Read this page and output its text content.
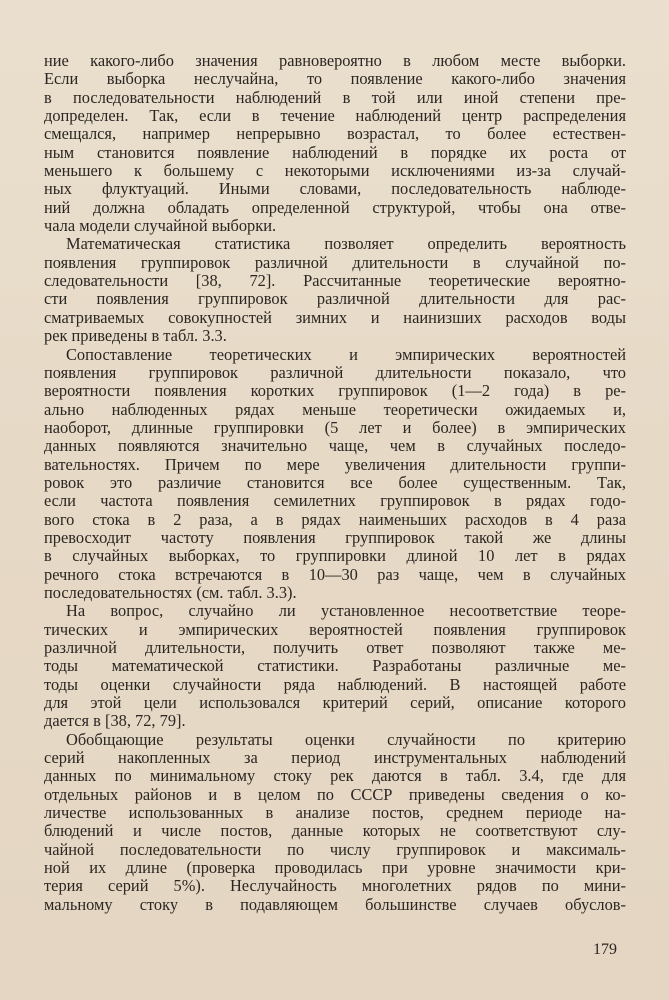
ние какого-либо значения равновероятно в любом месте выборки.
Если выборка неслучайна, то появление какого-либо значения
в последовательности наблюдений в той или иной степени пре-
допределен. Так, если в течение наблюдений центр распределения
смещался, например непрерывно возрастал, то более естествен-
ным становится появление наблюдений в порядке их роста от
меньшего к большему с некоторыми исключениями из-за случай-
ных флуктуаций. Иными словами, последовательность наблюде-
ний должна обладать определенной структурой, чтобы она отве-
чала модели случайной выборки.
Математическая статистика позволяет определить вероятность
появления группировок различной длительности в случайной по-
следовательности [38, 72]. Рассчитанные теоретические вероятно-
сти появления группировок различной длительности для рас-
сматриваемых совокупностей зимних и наинизших расходов воды
рек приведены в табл. 3.3.
Сопоставление теоретических и эмпирических вероятностей
появления группировок различной длительности показало, что
вероятности появления коротких группировок (1—2 года) в ре-
ально наблюденных рядах меньше теоретически ожидаемых и,
наоборот, длинные группировки (5 лет и более) в эмпирических
данных появляются значительно чаще, чем в случайных последо-
вательностях. Причем по мере увеличения длительности группи-
ровок это различие становится все более существенным. Так,
если частота появления семилетних группировок в рядах годо-
вого стока в 2 раза, а в рядах наименьших расходов в 4 раза
превосходит частоту появления группировок такой же длины
в случайных выборках, то группировки длиной 10 лет в рядах
речного стока встречаются в 10—30 раз чаще, чем в случайных
последовательностях (см. табл. 3.3).
На вопрос, случайно ли установленное несоответствие теоре-
тических и эмпирических вероятностей появления группировок
различной длительности, получить ответ позволяют также ме-
тоды математической статистики. Разработаны различные ме-
тоды оценки случайности ряда наблюдений. В настоящей работе
для этой цели использовался критерий серий, описание которого
дается в [38, 72, 79].
Обобщающие результаты оценки случайности по критерию
серий накопленных за период инструментальных наблюдений
данных по минимальному стоку рек даются в табл. 3.4, где для
отдельных районов и в целом по СССР приведены сведения о ко-
личестве использованных в анализе постов, среднем периоде на-
блюдений и числе постов, данные которых не соответствуют слу-
чайной последовательности по числу группировок и максималь-
ной их длине (проверка проводилась при уровне значимости кри-
терия серий 5%). Неслучайность многолетних рядов по мини-
мальному стоку в подавляющем большинстве случаев обуслов-
179
